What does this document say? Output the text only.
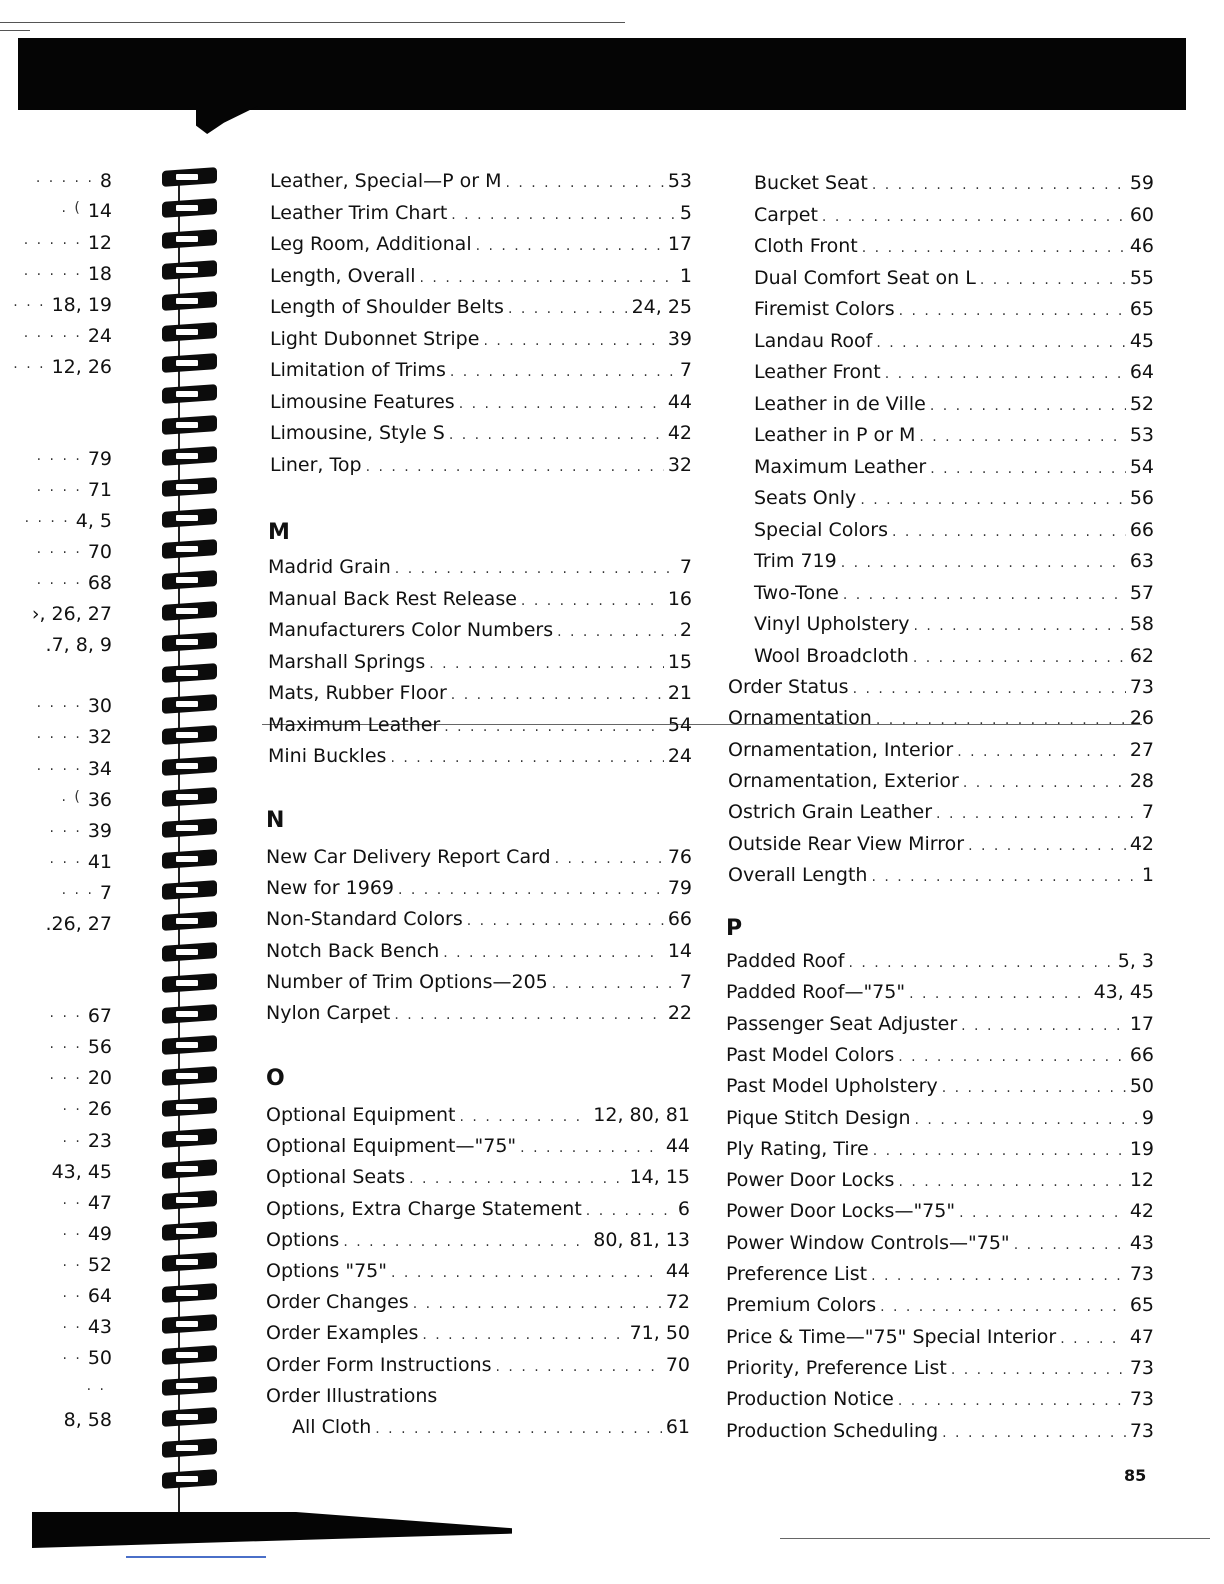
. . . . . 8
. ( 14
. . . . . 12
. . . . . 18
. . . 18, 19
. . . . . 24
. . . 12, 26
. . . . 79
. . . . 71
. . . . 4, 5
. . . . 70
. . . . 68
›, 26, 27
.7, 8, 9
. . . . 30
. . . . 32
. . . . 34
. ( 36
. . . 39
. . . 41
. . . 7
.26, 27
. . . 67
. . . 56
. . . 20
. . 26
. . 23
43, 45
. . 47
. . 49
. . 52
. . 64
. . 43
. . 50
. .
8, 58
Leather, Special—P or M . . .	53
Leather Trim Chart . . .	5
Leg Room, Additional . . .	17
Length, Overall . . .	1
Length of Shoulder Belts . . .	24, 25
Light Dubonnet Stripe . . .	39
Limitation of Trims . . .	7
Limousine Features . . .	44
Limousine, Style S . . .	42
Liner, Top . . .	32
M
Madrid Grain . . .	7
Manual Back Rest Release . . .	16
Manufacturers Color Numbers . . .	2
Marshall Springs . . .	15
Mats, Rubber Floor . . .	21
Maximum Leather . . .	54
Mini Buckles . . .	24
N
New Car Delivery Report Card . . .	76
New for 1969 . . .	79
Non-Standard Colors . . .	66
Notch Back Bench . . .	14
Number of Trim Options—205 . . .	7
Nylon Carpet . . .	22
O
Optional Equipment . . .	12, 80, 81
Optional Equipment—"75" . . .	44
Optional Seats . . .	14, 15
Options, Extra Charge Statement . . .	6
Options . . .	80, 81, 13
Options "75" . . .	44
Order Changes . . .	72
Order Examples . . .	71, 50
Order Form Instructions . . .	70
Order Illustrations
All Cloth . . .	61
Bucket Seat . . .	59
Carpet . . .	60
Cloth Front . . .	46
Dual Comfort Seat on L . . .	55
Firemist Colors . . .	65
Landau Roof . . .	45
Leather Front . . .	64
Leather in de Ville . . .	52
Leather in P or M . . .	53
Maximum Leather . . .	54
Seats Only . . .	56
Special Colors . . .	66
Trim 719 . . .	63
Two-Tone . . .	57
Vinyl Upholstery . . .	58
Wool Broadcloth . . .	62
Order Status . . .	73
Ornamentation . . .	26
Ornamentation, Interior . . .	27
Ornamentation, Exterior . . .	28
Ostrich Grain Leather . . .	7
Outside Rear View Mirror . . .	42
Overall Length . . .	1
P
Padded Roof . . .	5, 3
Padded Roof—"75" . . .	43, 45
Passenger Seat Adjuster . . .	17
Past Model Colors . . .	66
Past Model Upholstery . . .	50
Pique Stitch Design . . .	9
Ply Rating, Tire . . .	19
Power Door Locks . . .	12
Power Door Locks—"75" . . .	42
Power Window Controls—"75" . . .	43
Preference List . . .	73
Premium Colors . . .	65
Price & Time—"75" Special Interior . . .	47
Priority, Preference List . . .	73
Production Notice . . .	73
Production Scheduling . . .	73
85
